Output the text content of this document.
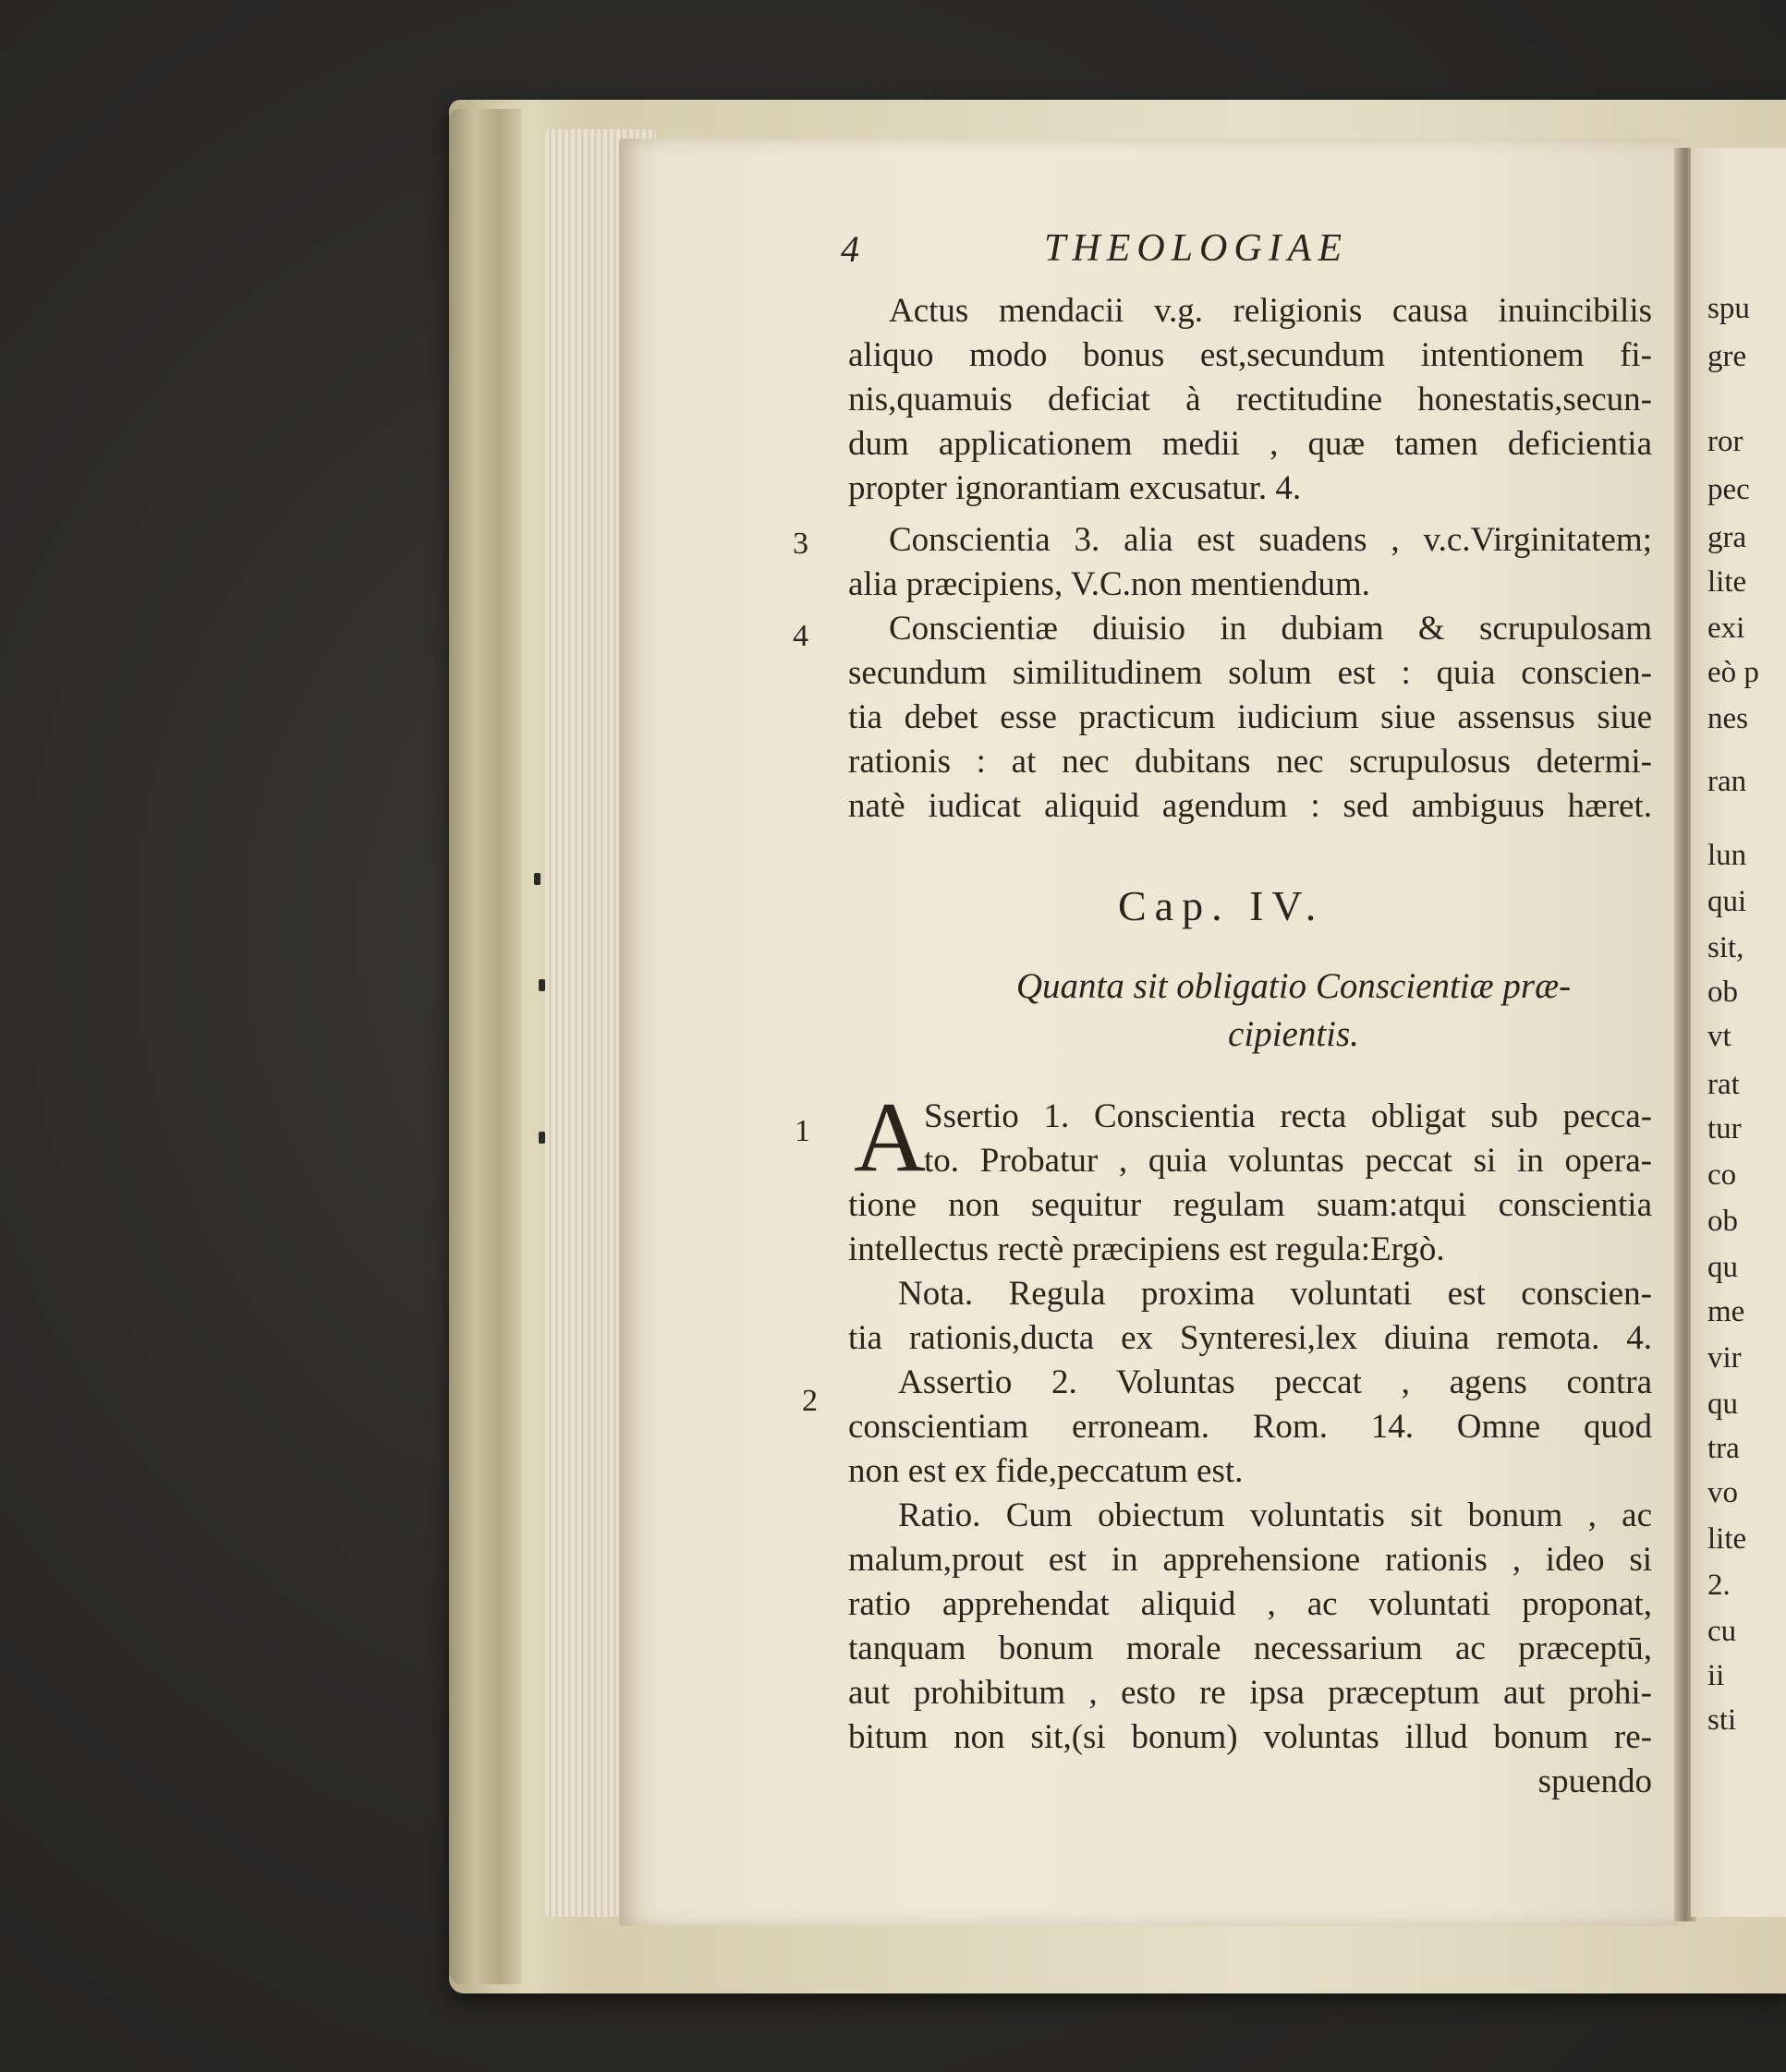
4	THEOLOGIAE
Actus mendacii v.g. religionis causa inuincibilis
aliquo modo bonus est,secundum intentionem fi-
nis,quamuis deficiat à rectitudine honestatis,secun-
dum applicationem medii , quæ tamen deficientia
propter ignorantiam excusatur. 4.
3 Conscientia 3. alia est suadens , v.c.Virginitatem;
alia præcipiens, V.C.non mentiendum.
4 Conscientiæ diuisio in dubiam & scrupulosam
secundum similitudinem solum est : quia conscien-
tia debet esse practicum iudicium siue assensus siue
rationis : at nec dubitans nec scrupulosus determi-
natè iudicat aliquid agendum : sed ambiguus hæret.
Cap. IV.
Quanta sit obligatio Conscientiæ præ-
cipientis.
1 A
Ssertio 1. Conscientia recta obligat sub pecca-
to. Probatur , quia voluntas peccat si in opera-
tione non sequitur regulam suam:atqui conscientia
intellectus rectè præcipiens est regula:Ergò.
Nota. Regula proxima voluntati est conscien-
tia rationis,ducta ex Synteresi,lex diuina remota. 4.
2 Assertio 2. Voluntas peccat , agens contra
conscientiam erroneam. Rom. 14. Omne quod
non est ex fide,peccatum est.
Ratio. Cum obiectum voluntatis sit bonum , ac
malum,prout est in apprehensione rationis , ideo si
ratio apprehendat aliquid , ac voluntati proponat,
tanquam bonum morale necessarium ac præceptū,
aut prohibitum , esto re ipsa præceptum aut prohi-
bitum non sit,(si bonum) voluntas illud bonum re-
spuendo
spu
gre
ror
pec
gra
lite
exi
eò p
nes
ran
lun
qui
sit,
ob
vt
rat
tur
co
ob
qu
me
vir
qu
tra
vo
lite
2.
cu
ii
sti
